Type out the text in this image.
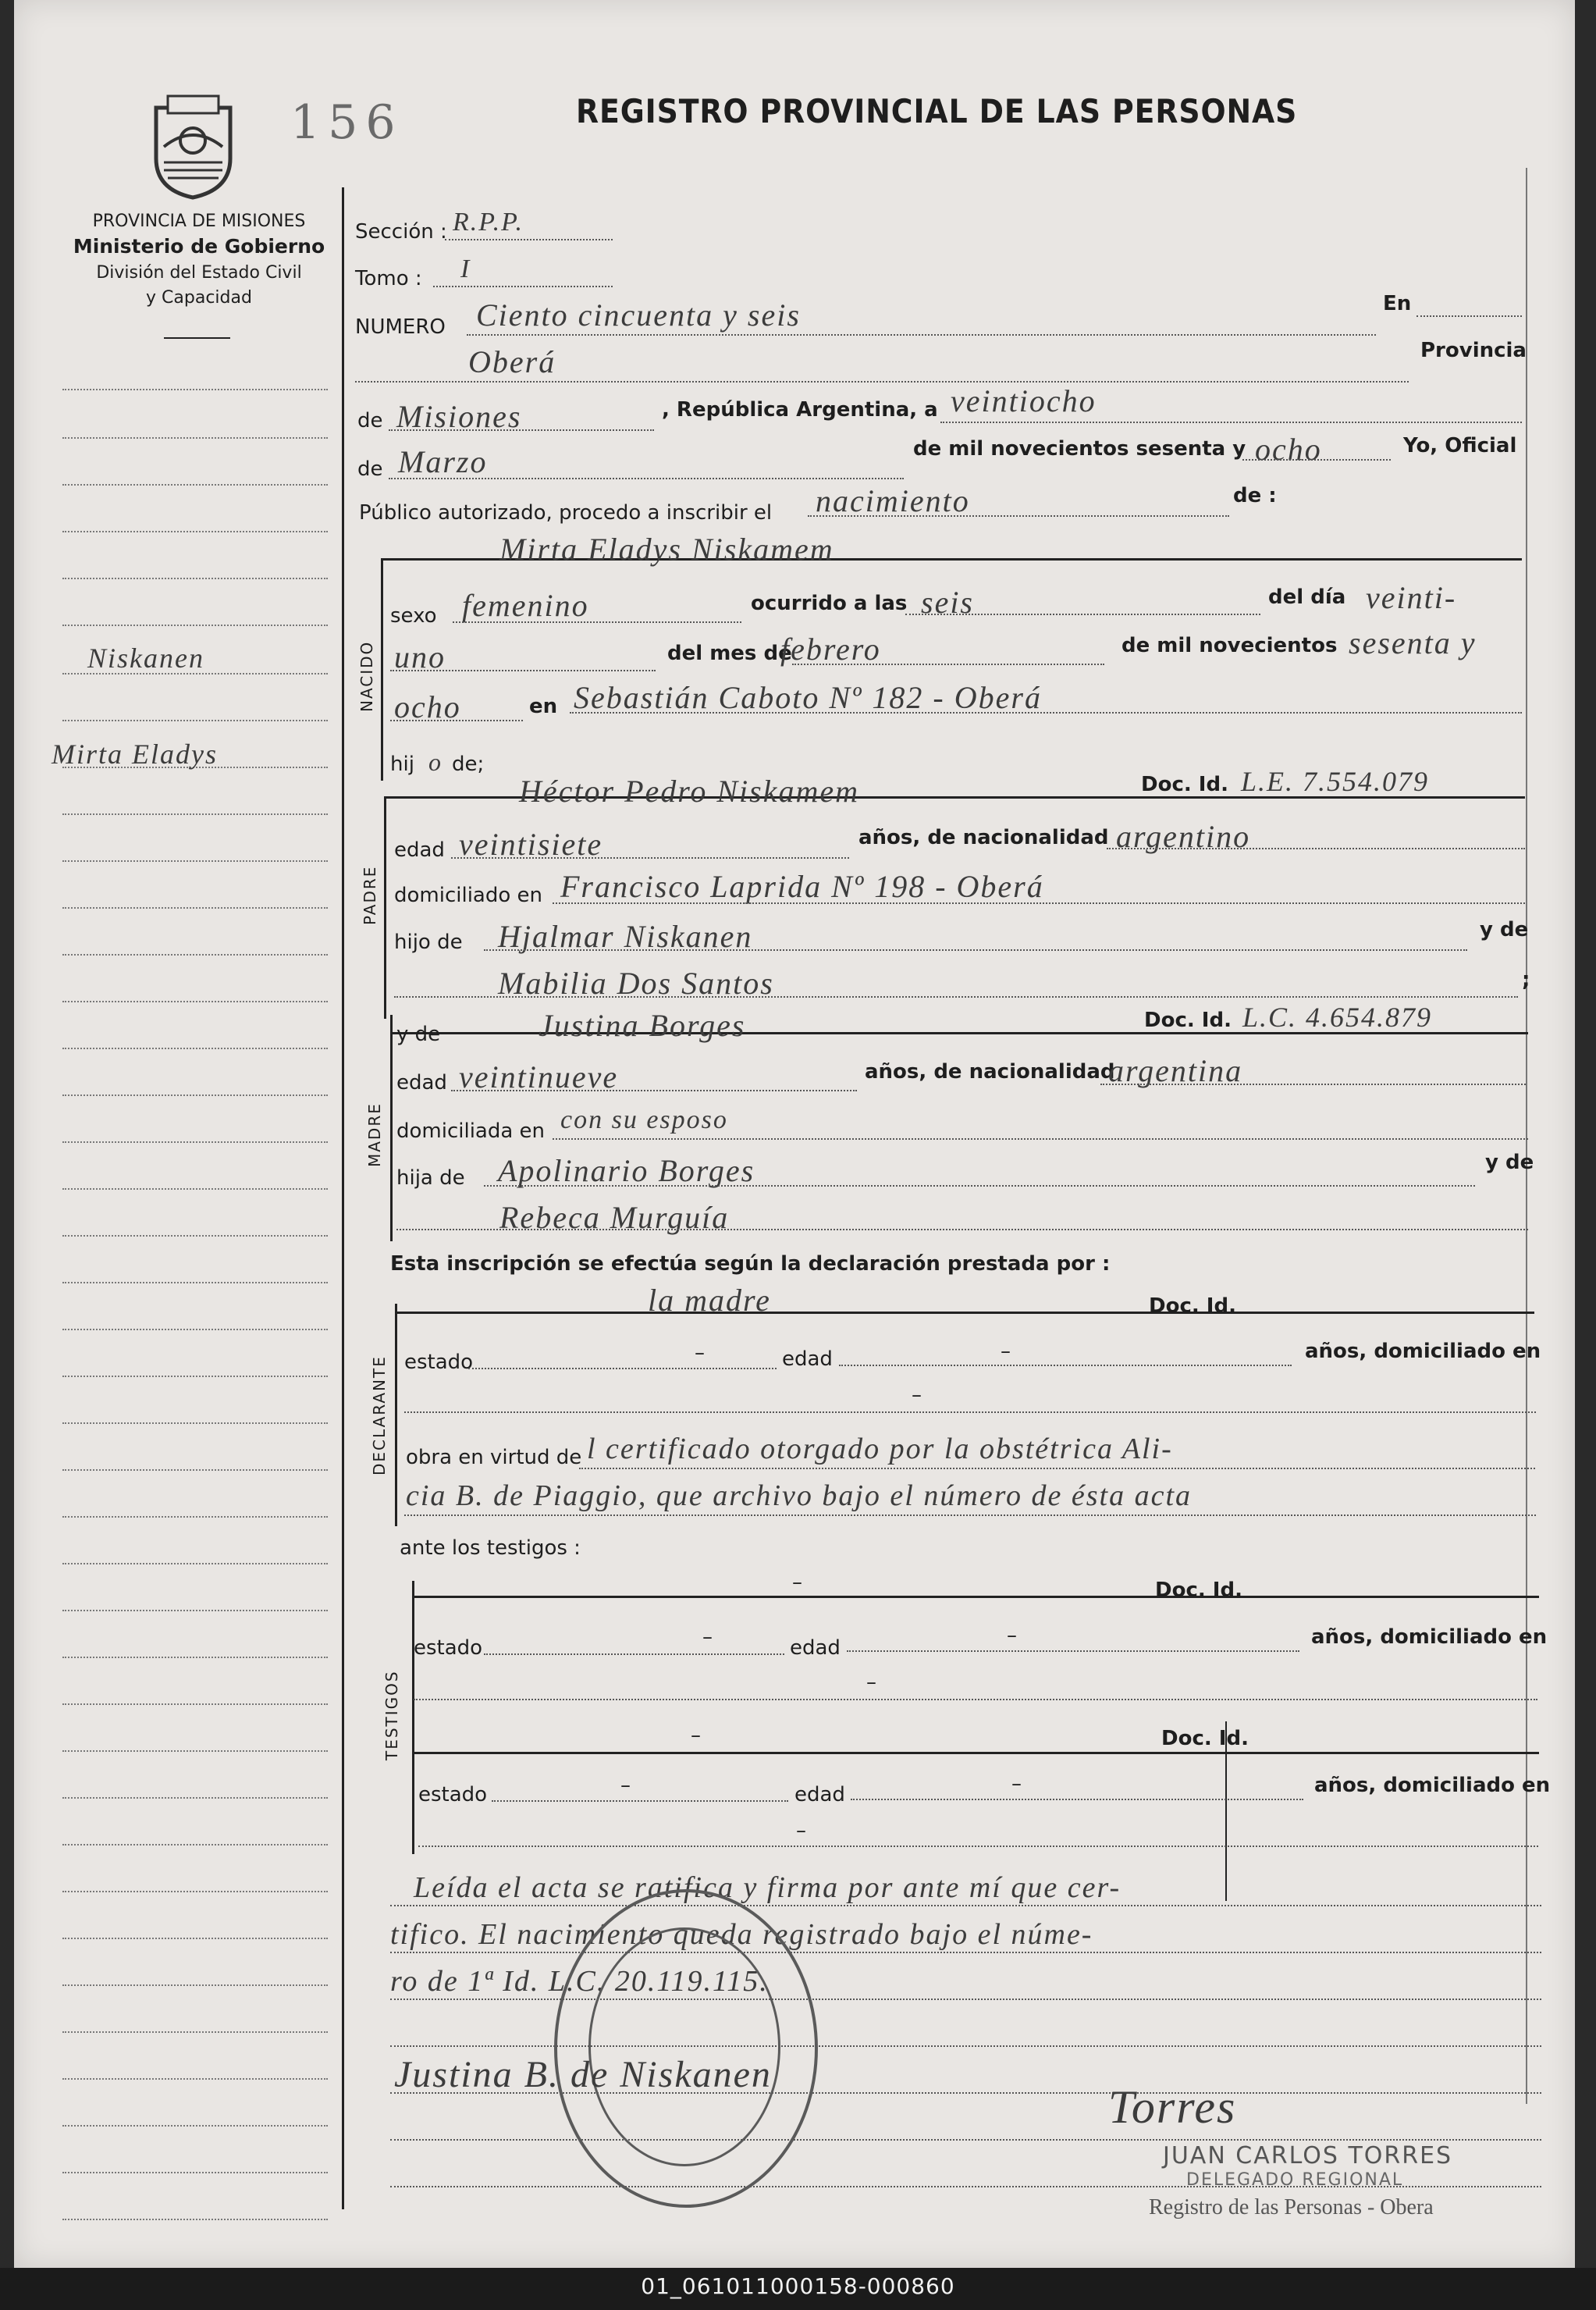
156	REGISTRO PROVINCIAL DE LAS PERSONAS
PROVINCIA DE MISIONES
Ministerio de Gobierno
División del Estado Civil
y Capacidad
Niskanen
Mirta Eladys
Sección : R.P.P.
Tomo : I
NUMERO Ciento cincuenta y seis	En
Oberá	Provincia
de Misiones	, República Argentina, a veintiocho
de Marzo	de mil novecientos sesenta y ocho	Yo, Oficial
Público autorizado, procedo a inscribir el nacimiento	de :
NACIDO
Mirta Eladys Niskamem
sexo femenino	ocurrido a las seis	del día veinti-
uno	del mes de
febrero	de mil novecientos sesenta y
ocho	en Sebastián Caboto Nº 182 - Oberá
hij o de;
PADRE
Héctor Pedro Niskamem	Doc. Id. L.E. 7.554.079
edad veintisiete	años, de nacionalidad argentino
domiciliado en Francisco Laprida Nº 198 - Oberá
hijo de Hjalmar Niskanen	y de
Mabilia Dos Santos	;
MADRE
y de	Justina Borges	Doc. Id. L.C. 4.654.879
edad veintinueve	años, de nacionalidad
argentina
domiciliada en con su esposo
hija de Apolinario Borges	y de
Rebeca Murguía
Esta inscripción se efectúa según la declaración prestada por :
DECLARANTE
la madre	Doc. Id.
estado	–	edad	–	años, domiciliado en
–
obra en virtud de l certificado otorgado por la obstétrica Ali-
cia B. de Piaggio, que archivo bajo el número de ésta acta
ante los testigos :
TESTIGOS
–	Doc. Id.
estado	–	edad
–	años, domiciliado en
–
–	Doc. Id.
estado	–	edad	–	años, domiciliado en
–
Leída el acta se ratifica y firma por ante mí que cer-
tifico. El nacimiento queda registrado bajo el núme-
ro de 1ª Id. L.C. 20.119.115.
Justina B. de Niskanen
Torres
JUAN CARLOS TORRES
DELEGADO REGIONAL
Registro de las Personas - Obera
01_061011000158-000860
